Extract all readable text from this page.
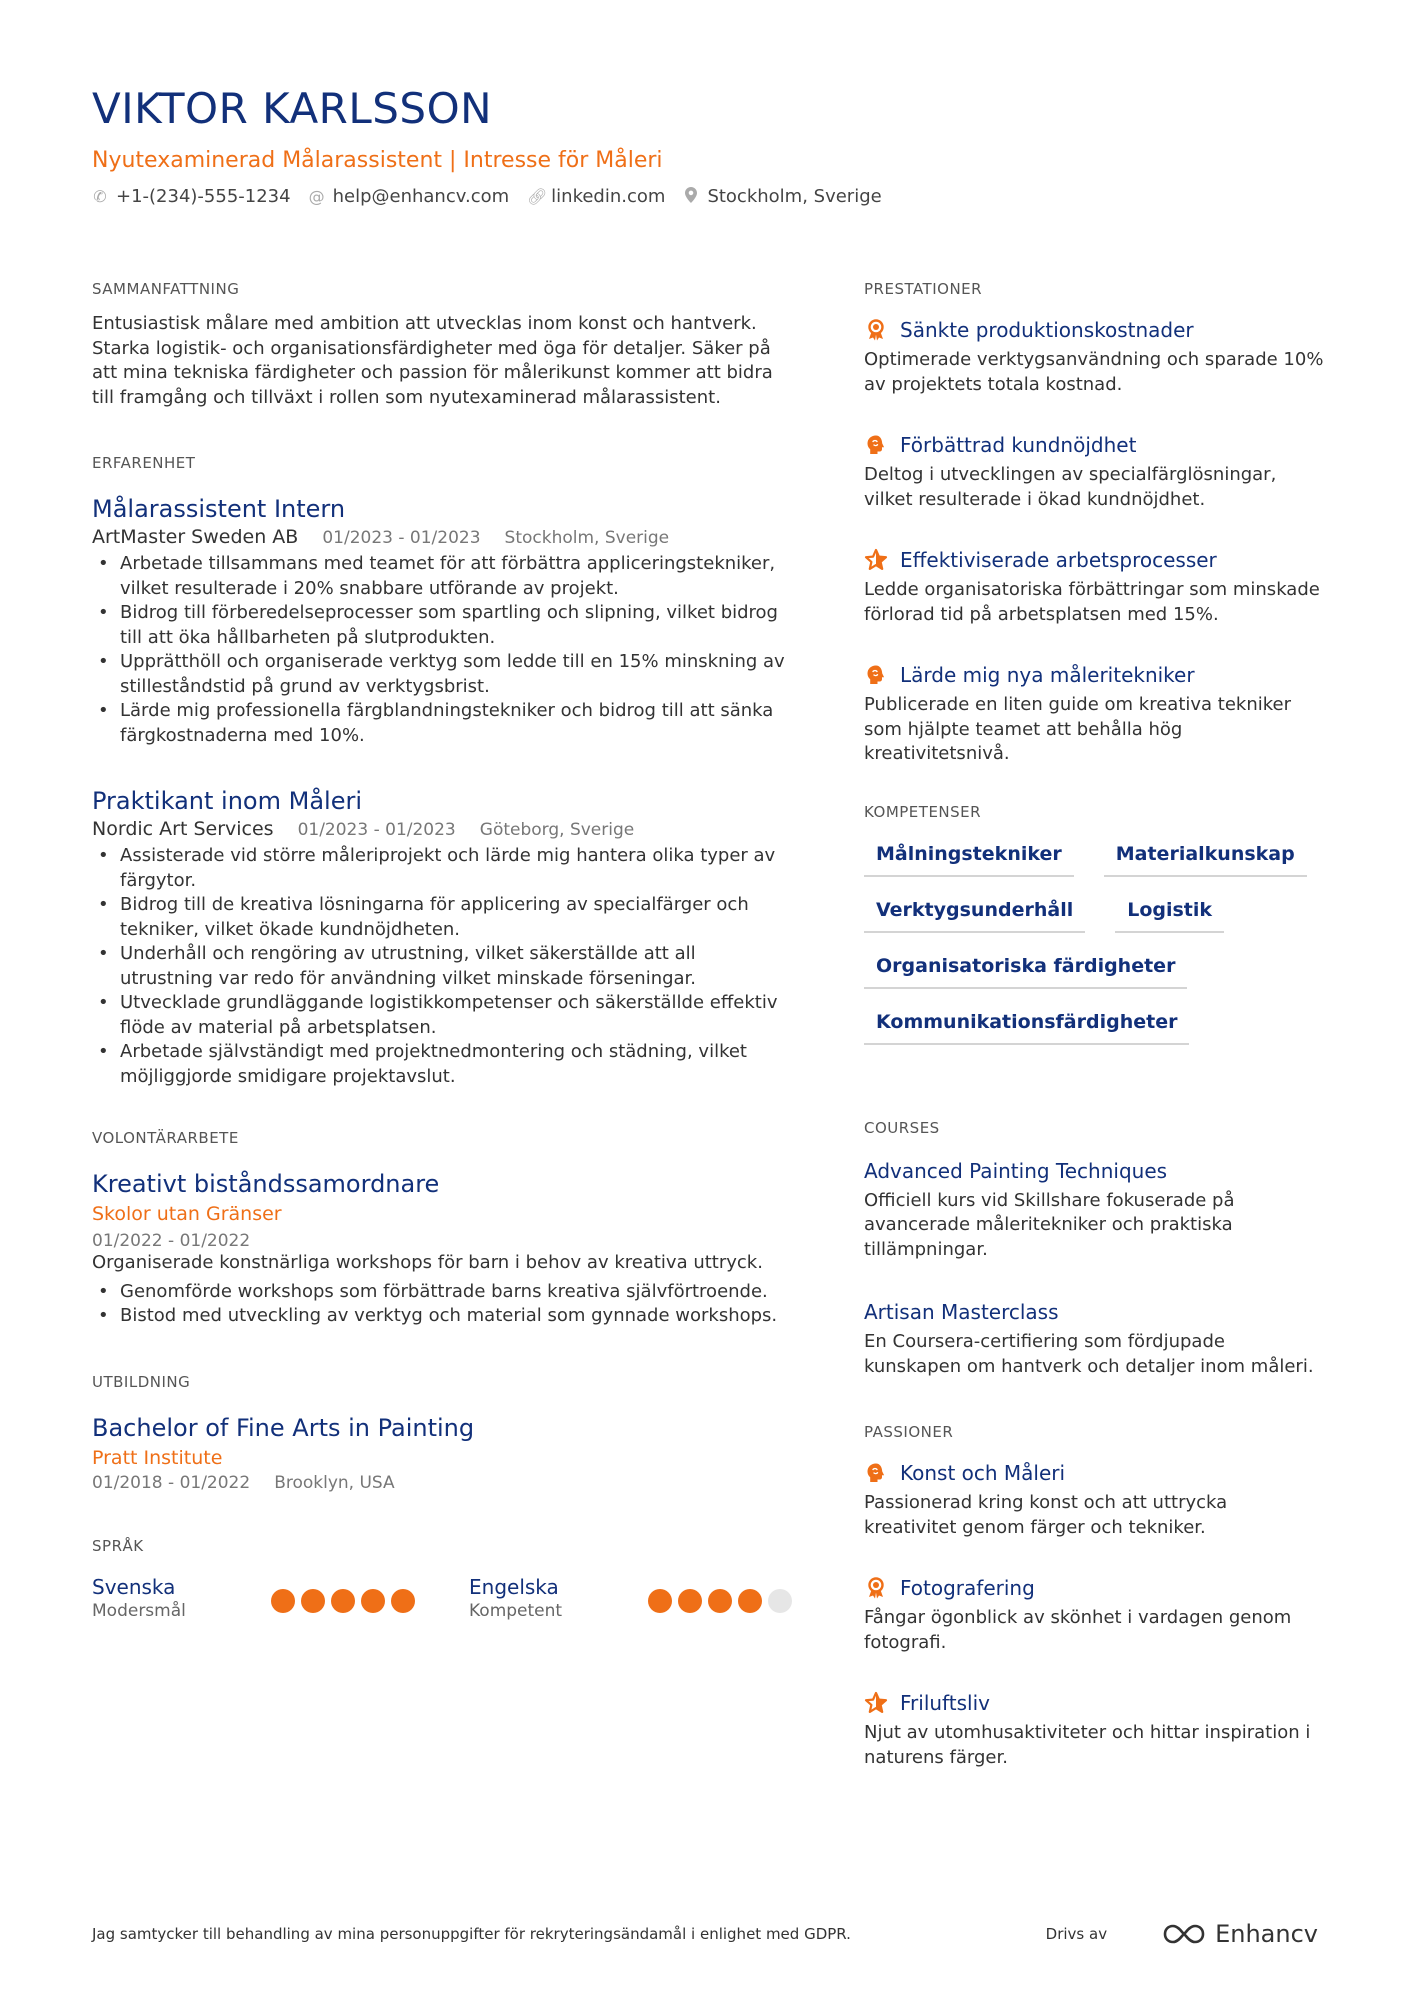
VIKTOR KARLSSON
Nyutexaminerad Målarassistent | Intresse för Måleri
✆ +1-(234)-555-1234 @ help@enhancv.com 🔗︎ linkedin.com Stockholm, Sverige
SAMMANFATTNING

Entusiastisk målare med ambition att utvecklas inom konst och hantverk. Starka logistik- och organisationsfärdigheter med öga för detaljer. Säker på att mina tekniska färdigheter och passion för målerikunst kommer att bidra till framgång och tillväxt i rollen som nyutexaminerad målarassistent.

ERFARENHET
Målarassistent Intern
ArtMaster Sweden AB 01/2023 - 01/2023 Stockholm, Sverige
• Arbetade tillsammans med teamet för att förbättra appliceringstekniker, vilket resulterade i 20% snabbare utförande av projekt.
• Bidrog till förberedelseprocesser som spartling och slipning, vilket bidrog till att öka hållbarheten på slutprodukten.
• Upprätthöll och organiserade verktyg som ledde till en 15% minskning av stilleståndstid på grund av verktygsbrist.
• Lärde mig professionella färgblandningstekniker och bidrog till att sänka färgkostnaderna med 10%.
Praktikant inom Måleri
Nordic Art Services 01/2023 - 01/2023 Göteborg, Sverige
• Assisterade vid större måleriprojekt och lärde mig hantera olika typer av färgytor.
• Bidrog till de kreativa lösningarna för applicering av specialfärger och tekniker, vilket ökade kundnöjdheten.
• Underhåll och rengöring av utrustning, vilket säkerställde att all utrustning var redo för användning vilket minskade förseningar.
• Utvecklade grundläggande logistikkompetenser och säkerställde effektiv flöde av material på arbetsplatsen.
• Arbetade självständigt med projektnedmontering och städning, vilket möjliggjorde smidigare projektavslut.
VOLONTÄRARBETE
Kreativt biståndssamordnare
Skolor utan Gränser
01/2022 - 01/2022

Organiserade konstnärliga workshops för barn i behov av kreativa uttryck.

• Genomförde workshops som förbättrade barns kreativa självförtroende.
• Bistod med utveckling av verktyg och material som gynnade workshops.
UTBILDNING
Bachelor of Fine Arts in Painting
Pratt Institute
01/2018 - 01/2022 Brooklyn, USA
SPRÅK
Svenska
Modersmål
Engelska
Kompetent
PRESTATIONER
Sänkte produktionskostnader
Optimerade verktygsanvändning och sparade 10% av projektets totala kostnad.
Förbättrad kundnöjdhet
Deltog i utvecklingen av specialfärglösningar, vilket resulterade i ökad kundnöjdhet.
Effektiviserade arbetsprocesser
Ledde organisatoriska förbättringar som minskade förlorad tid på arbetsplatsen med 15%.
Lärde mig nya måleritekniker
Publicerade en liten guide om kreativa tekniker som hjälpte teamet att behålla hög kreativitetsnivå.
KOMPETENSER
Målningstekniker	Materialkunskap
Verktygsunderhåll	Logistik
Organisatoriska färdigheter
Kommunikationsfärdigheter
COURSES
Advanced Painting Techniques
Officiell kurs vid Skillshare fokuserade på avancerade måleritekniker och praktiska tillämpningar.
Artisan Masterclass
En Coursera-certifiering som fördjupade kunskapen om hantverk och detaljer inom måleri.
PASSIONER
Konst och Måleri
Passionerad kring konst och att uttrycka kreativitet genom färger och tekniker.
Fotografering
Fångar ögonblick av skönhet i vardagen genom fotografi.
Friluftsliv
Njut av utomhusaktiviteter och hittar inspiration i naturens färger.
Jag samtycker till behandling av mina personuppgifter för rekryteringsändamål i enlighet med GDPR.	Drivs av	Enhancv
